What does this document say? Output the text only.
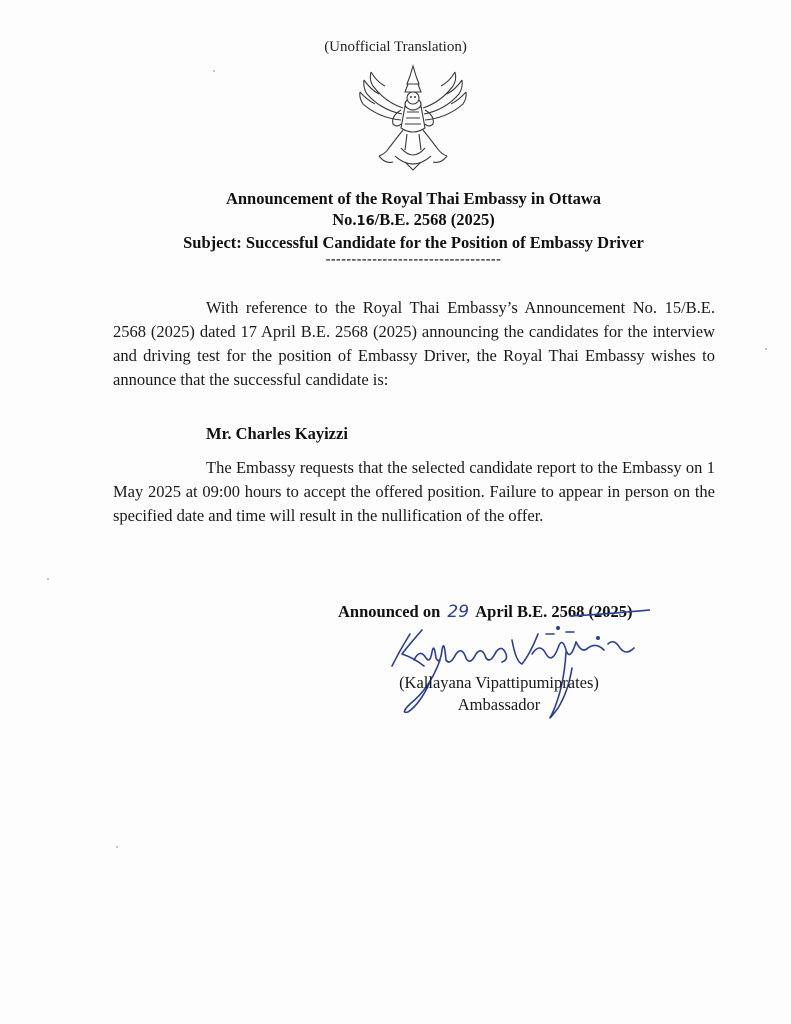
(Unofficial Translation)
Announcement of the Royal Thai Embassy in Ottawa
No.16/B.E. 2568 (2025)
Subject: Successful Candidate for the Position of Embassy Driver
----------------------------------
With reference to the Royal Thai Embassy’s Announcement No. 15/B.E. 2568 (2025) dated 17 April B.E. 2568 (2025) announcing the candidates for the interview and driving test for the position of Embassy Driver, the Royal Thai Embassy wishes to announce that the successful candidate is:
Mr. Charles Kayizzi
The Embassy requests that the selected candidate report to the Embassy on 1 May 2025 at 09:00 hours to accept the offered position. Failure to appear in person on the specified date and time will result in the nullification of the offer.
Announced on 29 April B.E. 2568 (2025)
(Kallayana Vipattipumiprates)
Ambassador
